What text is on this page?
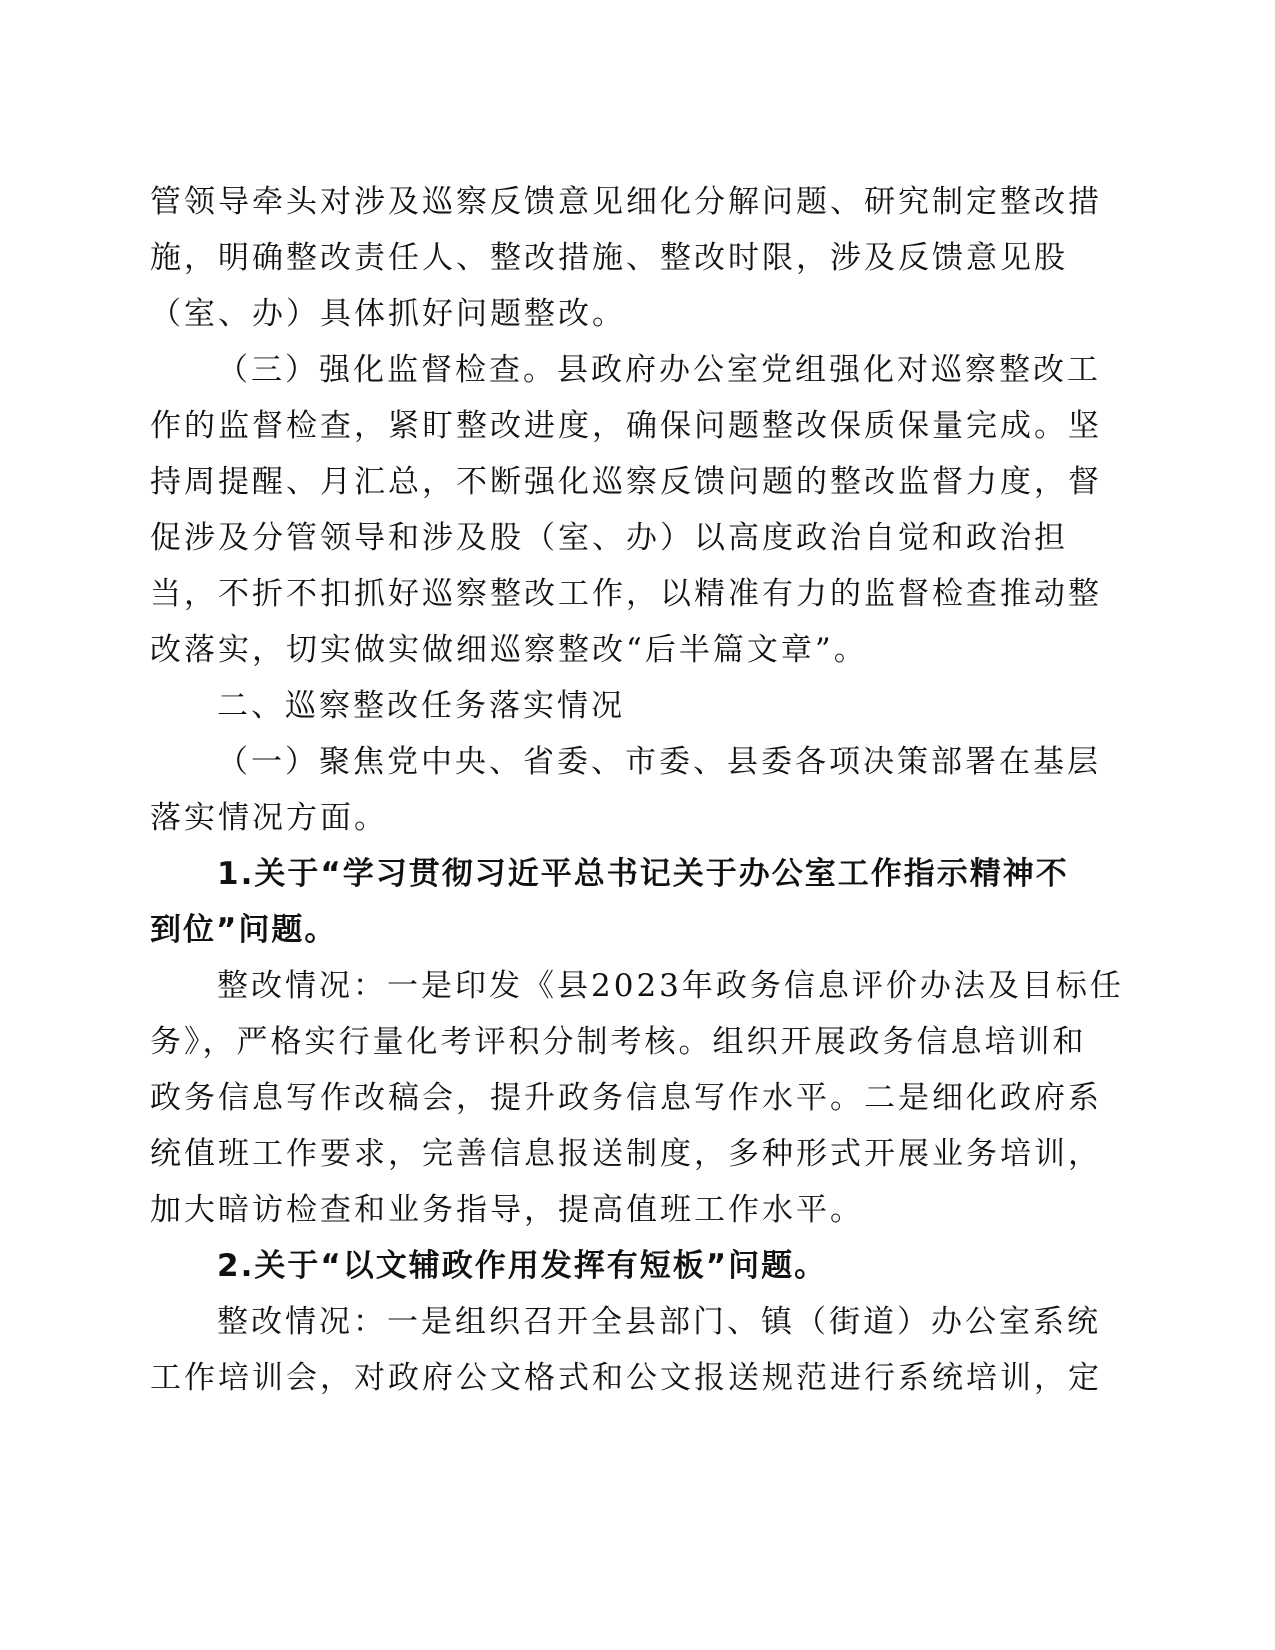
管领导牵头对涉及巡察反馈意见细化分解问题、研究制定整改措
施，明确整改责任人、整改措施、整改时限，涉及反馈意见股
（室、办）具体抓好问题整改。
（三）强化监督检查。县政府办公室党组强化对巡察整改工
作的监督检查，紧盯整改进度，确保问题整改保质保量完成。坚
持周提醒、月汇总，不断强化巡察反馈问题的整改监督力度，督
促涉及分管领导和涉及股（室、办）以高度政治自觉和政治担
当，不折不扣抓好巡察整改工作，以精准有力的监督检查推动整
改落实，切实做实做细巡察整改“后半篇文章”。
二、巡察整改任务落实情况
（一）聚焦党中央、省委、市委、县委各项决策部署在基层
落实情况方面。
1.关于“学习贯彻习近平总书记关于办公室工作指示精神不
到位”问题。
整改情况：一是印发《县2023年政务信息评价办法及目标任
务》，严格实行量化考评积分制考核。组织开展政务信息培训和
政务信息写作改稿会，提升政务信息写作水平。二是细化政府系
统值班工作要求，完善信息报送制度，多种形式开展业务培训，
加大暗访检查和业务指导，提高值班工作水平。
2.关于“以文辅政作用发挥有短板”问题。
整改情况：一是组织召开全县部门、镇（街道）办公室系统
工作培训会，对政府公文格式和公文报送规范进行系统培训，定
